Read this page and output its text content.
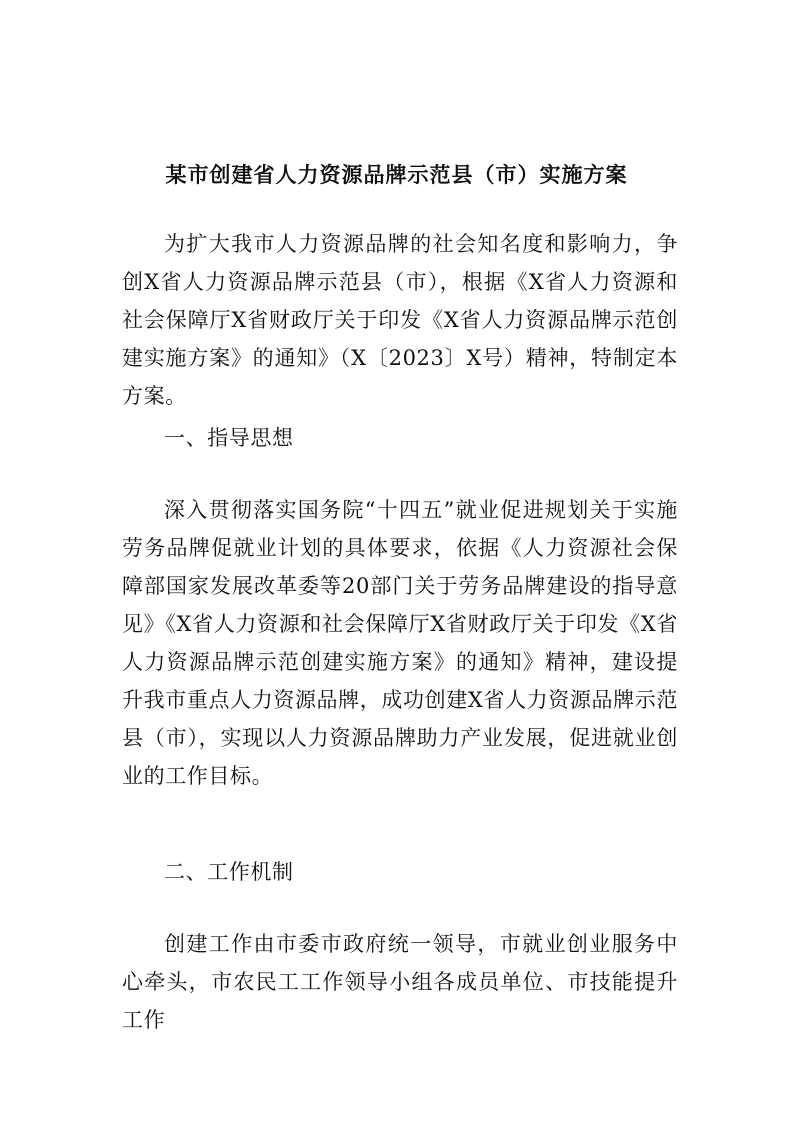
某市创建省人力资源品牌示范县（市）实施方案
为扩大我市人力资源品牌的社会知名度和影响力，争创X省人力资源品牌示范县（市），根据《X省人力资源和社会保障厅X省财政厅关于印发《X省人力资源品牌示范创建实施方案》的通知》（X〔2023〕X号）精神，特制定本方案。
一、指导思想
深入贯彻落实国务院“十四五”就业促进规划关于实施劳务品牌促就业计划的具体要求，依据《人力资源社会保障部国家发展改革委等20部门关于劳务品牌建设的指导意见》《X省人力资源和社会保障厅X省财政厅关于印发《X省人力资源品牌示范创建实施方案》的通知》精神，建设提升我市重点人力资源品牌，成功创建X省人力资源品牌示范县（市），实现以人力资源品牌助力产业发展，促进就业创业的工作目标。
二、工作机制
创建工作由市委市政府统一领导，市就业创业服务中心牵头，市农民工工作领导小组各成员单位、市技能提升工作
